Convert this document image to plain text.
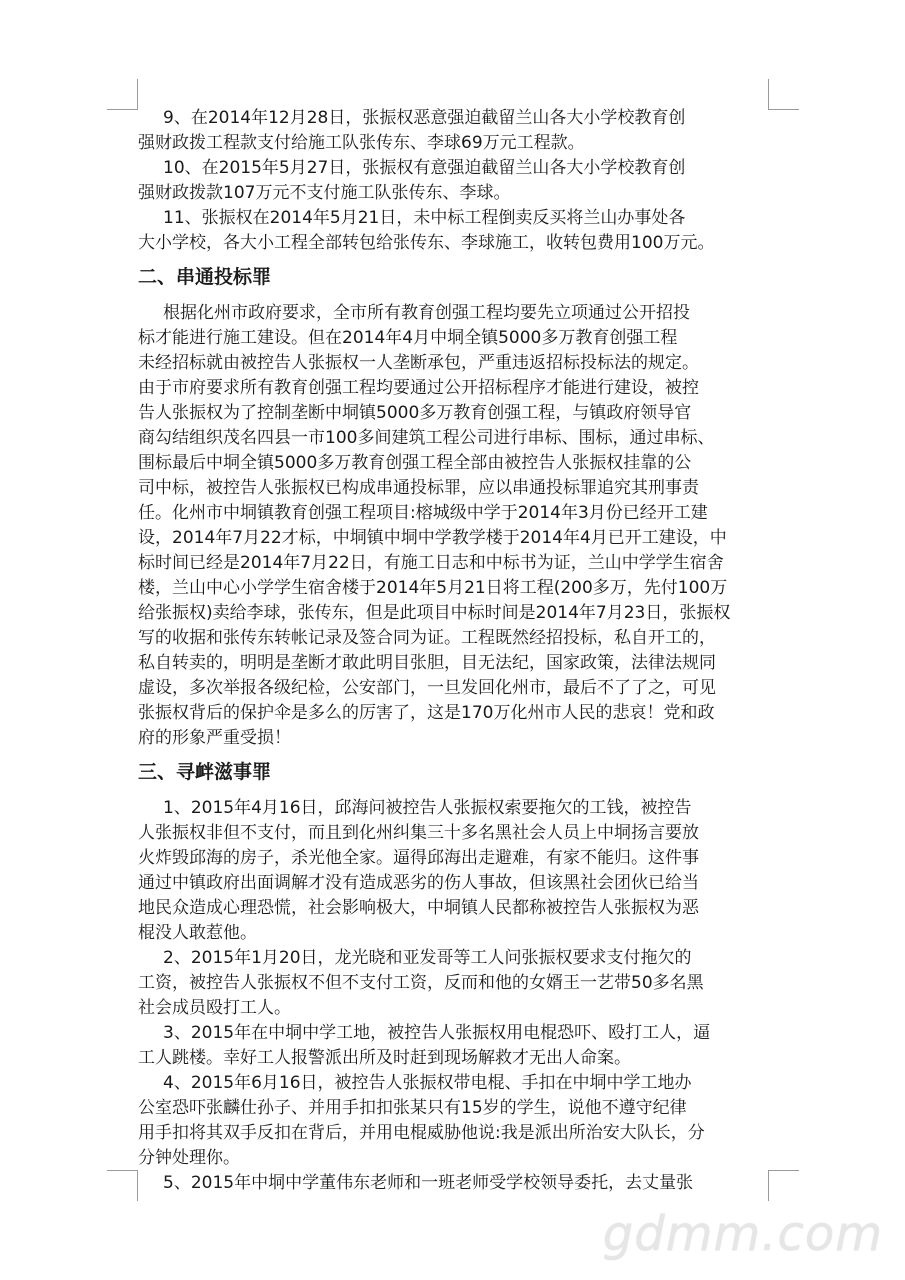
9、在2014年12月28日，张振权恶意强迫截留兰山各大小学校教育创
强财政拨工程款支付给施工队张传东、李球69万元工程款。
10、在2015年5月27日，张振权有意强迫截留兰山各大小学校教育创
强财政拨款107万元不支付施工队张传东、李球。
11、张振权在2014年5月21日，未中标工程倒卖反买将兰山办事处各
大小学校，各大小工程全部转包给张传东、李球施工，收转包费用100万元。
二、串通投标罪
根据化州市政府要求，全市所有教育创强工程均要先立项通过公开招投
标才能进行施工建设。但在2014年4月中垌全镇5000多万教育创强工程
未经招标就由被控告人张振权一人垄断承包，严重违返招标投标法的规定。
由于市府要求所有教育创强工程均要通过公开招标程序才能进行建设，被控
告人张振权为了控制垄断中垌镇5000多万教育创强工程，与镇政府领导官
商勾结组织茂名四县一市100多间建筑工程公司进行串标、围标，通过串标、
围标最后中垌全镇5000多万教育创强工程全部由被控告人张振权挂靠的公
司中标，被控告人张振权已构成串通投标罪，应以串通投标罪追究其刑事责
任。化州市中垌镇教育创强工程项目:榕城级中学于2014年3月份已经开工建
设，2014年7月22才标，中垌镇中垌中学教学楼于2014年4月已开工建设，中
标时间已经是2014年7月22日，有施工日志和中标书为证，兰山中学学生宿舍
楼，兰山中心小学学生宿舍楼于2014年5月21日将工程(200多万，先付100万
给张振权)卖给李球，张传东，但是此项目中标时间是2014年7月23日，张振权
写的收据和张传东转帐记录及签合同为证。工程既然经招投标，私自开工的，
私自转卖的，明明是垄断才敢此明目张胆，目无法纪，国家政策，法律法规同
虚设，多次举报各级纪检，公安部门，一旦发回化州市，最后不了了之，可见
张振权背后的保护伞是多么的厉害了，这是170万化州市人民的悲哀！党和政
府的形象严重受损！
三、寻衅滋事罪
1、2015年4月16日，邱海问被控告人张振权索要拖欠的工钱，被控告
人张振权非但不支付，而且到化州纠集三十多名黑社会人员上中垌扬言要放
火炸毁邱海的房子，杀光他全家。逼得邱海出走避难，有家不能归。这件事
通过中镇政府出面调解才没有造成恶劣的伤人事故，但该黑社会团伙已给当
地民众造成心理恐慌，社会影响极大，中垌镇人民都称被控告人张振权为恶
棍没人敢惹他。
2、2015年1月20日，龙光晓和亚发哥等工人问张振权要求支付拖欠的
工资，被控告人张振权不但不支付工资，反而和他的女婿王一艺带50多名黑
社会成员殴打工人。
3、2015年在中垌中学工地，被控告人张振权用电棍恐吓、殴打工人，逼
工人跳楼。幸好工人报警派出所及时赶到现场解救才无出人命案。
4、2015年6月16日，被控告人张振权带电棍、手扣在中垌中学工地办
公室恐吓张麟仕孙子、并用手扣扣张某只有15岁的学生，说他不遵守纪律
用手扣将其双手反扣在背后，并用电棍威胁他说:我是派出所治安大队长，分
分钟处理你。
5、2015年中垌中学董伟东老师和一班老师受学校领导委托，去丈量张
gdmm.com
